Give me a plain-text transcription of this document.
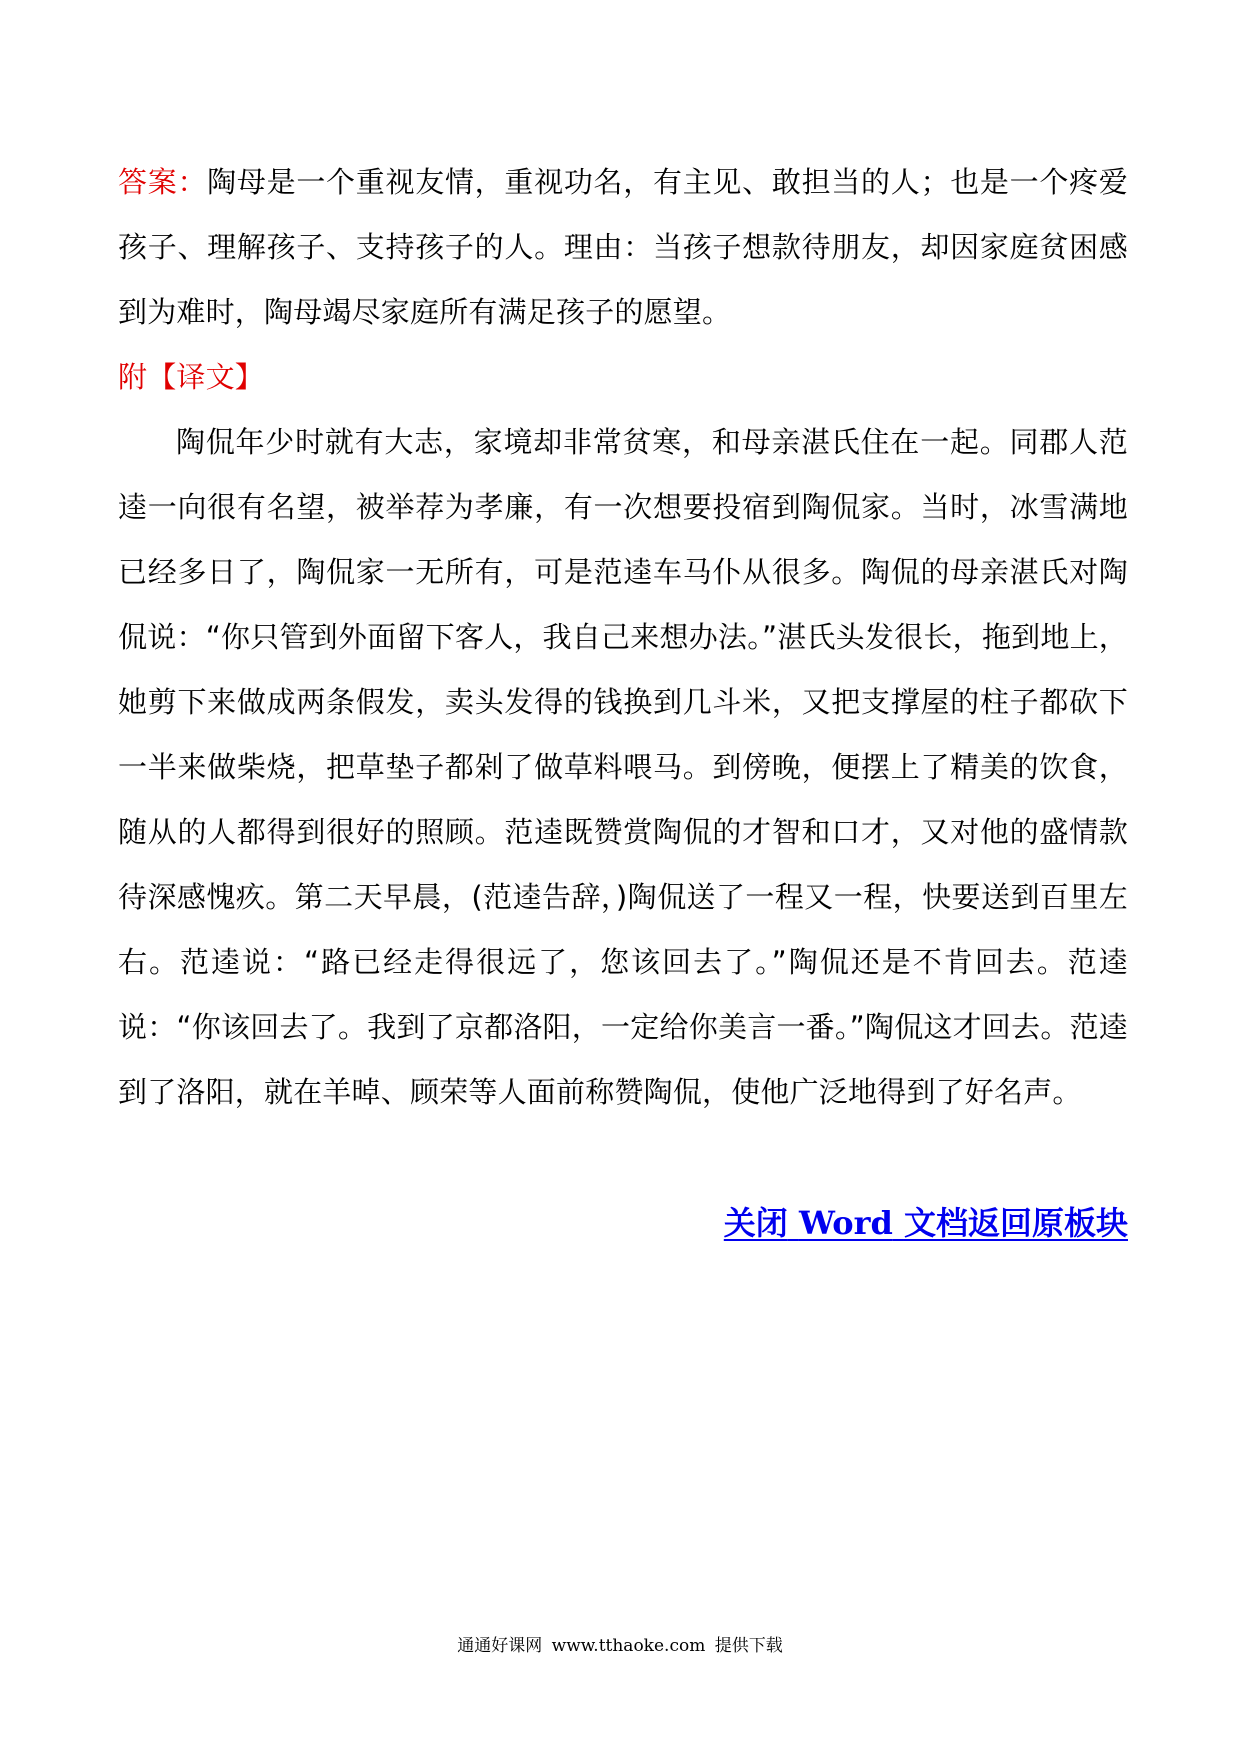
答案：陶母是一个重视友情，重视功名，有主见、敢担当的人；也是一个疼爱孩子、理解孩子、支持孩子的人。理由：当孩子想款待朋友，却因家庭贫困感到为难时，陶母竭尽家庭所有满足孩子的愿望。

附【译文】

陶侃年少时就有大志，家境却非常贫寒，和母亲湛氏住在一起。同郡人范逵一向很有名望，被举荐为孝廉，有一次想要投宿到陶侃家。当时，冰雪满地已经多日了，陶侃家一无所有，可是范逵车马仆从很多。陶侃的母亲湛氏对陶侃说：“你只管到外面留下客人，我自己来想办法。”湛氏头发很长，拖到地上，她剪下来做成两条假发，卖头发得的钱换到几斗米，又把支撑屋的柱子都砍下一半来做柴烧，把草垫子都剁了做草料喂马。到傍晚，便摆上了精美的饮食，随从的人都得到很好的照顾。范逵既赞赏陶侃的才智和口才，又对他的盛情款待深感愧疚。第二天早晨，(范逵告辞，)陶侃送了一程又一程，快要送到百里左右。范逵说：“路已经走得很远了，您该回去了。”陶侃还是不肯回去。范逵说：“你该回去了。我到了京都洛阳，一定给你美言一番。”陶侃这才回去。范逵到了洛阳，就在羊晫、顾荣等人面前称赞陶侃，使他广泛地得到了好名声。

关闭 Word 文档返回原板块
通通好课网 www.tthaoke.com 提供下载
